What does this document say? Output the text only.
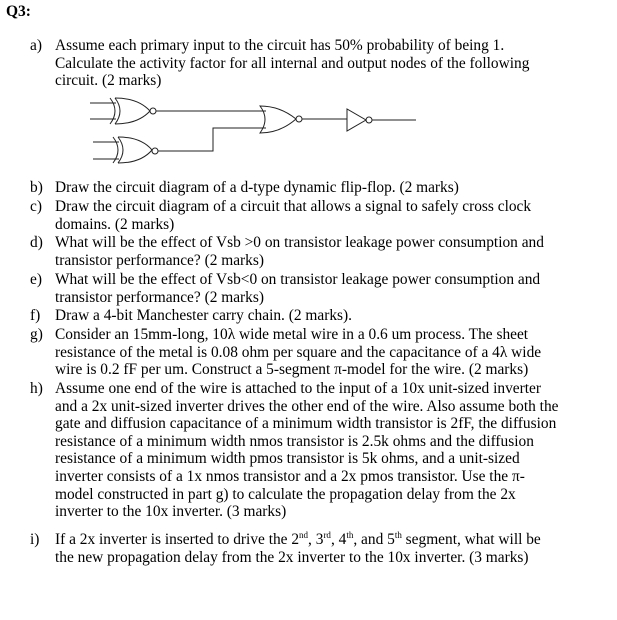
Q3:
a) Assume each primary input to the circuit has 50% probability of being 1.
Calculate the activity factor for all internal and output nodes of the following
circuit. (2 marks)
b) Draw the circuit diagram of a d-type dynamic flip-flop. (2 marks)
c) Draw the circuit diagram of a circuit that allows a signal to safely cross clock
domains. (2 marks)
d) What will be the effect of Vsb >0 on transistor leakage power consumption and
transistor performance? (2 marks)
e) What will be the effect of Vsb<0 on transistor leakage power consumption and
transistor performance? (2 marks)
f) Draw a 4-bit Manchester carry chain. (2 marks).
g) Consider an 15mm-long, 10λ wide metal wire in a 0.6 um process. The sheet
resistance of the metal is 0.08 ohm per square and the capacitance of a 4λ wide
wire is 0.2 fF per um. Construct a 5-segment π-model for the wire. (2 marks)
h) Assume one end of the wire is attached to the input of a 10x unit-sized inverter
and a 2x unit-sized inverter drives the other end of the wire. Also assume both the
gate and diffusion capacitance of a minimum width transistor is 2fF, the diffusion
resistance of a minimum width nmos transistor is 2.5k ohms and the diffusion
resistance of a minimum width pmos transistor is 5k ohms, and a unit-sized
inverter consists of a 1x nmos transistor and a 2x pmos transistor. Use the π-
model constructed in part g) to calculate the propagation delay from the 2x
inverter to the 10x inverter. (3 marks)
i)	If a 2x inverter is inserted to drive the 2nd, 3rd, 4th, and 5th segment, what will be
the new propagation delay from the 2x inverter to the 10x inverter. (3 marks)
